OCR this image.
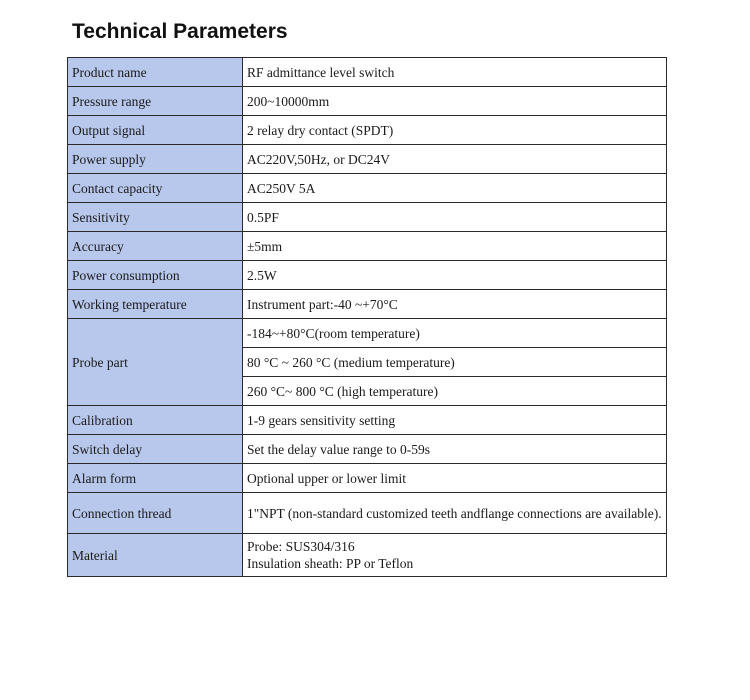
Technical Parameters
Product name	RF admittance level switch
Pressure range	200~10000mm
Output signal	2 relay dry contact (SPDT)
Power supply	AC220V,50Hz, or DC24V
Contact capacity	AC250V 5A
Sensitivity	0.5PF
Accuracy	±5mm
Power consumption	2.5W
Working temperature	Instrument part:-40 ~+70°C
Probe part	-184~+80°C(room temperature)
	80 °C ~ 260 °C (medium temperature)
	260 °C~ 800 °C (high temperature)
Calibration	1-9 gears sensitivity setting
Switch delay	Set the delay value range to 0-59s
Alarm form	Optional upper or lower limit
Connection thread	1"NPT (non-standard customized teeth andflange connections are available).
Material	Probe: SUS304/316
Insulation sheath: PP or Teflon
